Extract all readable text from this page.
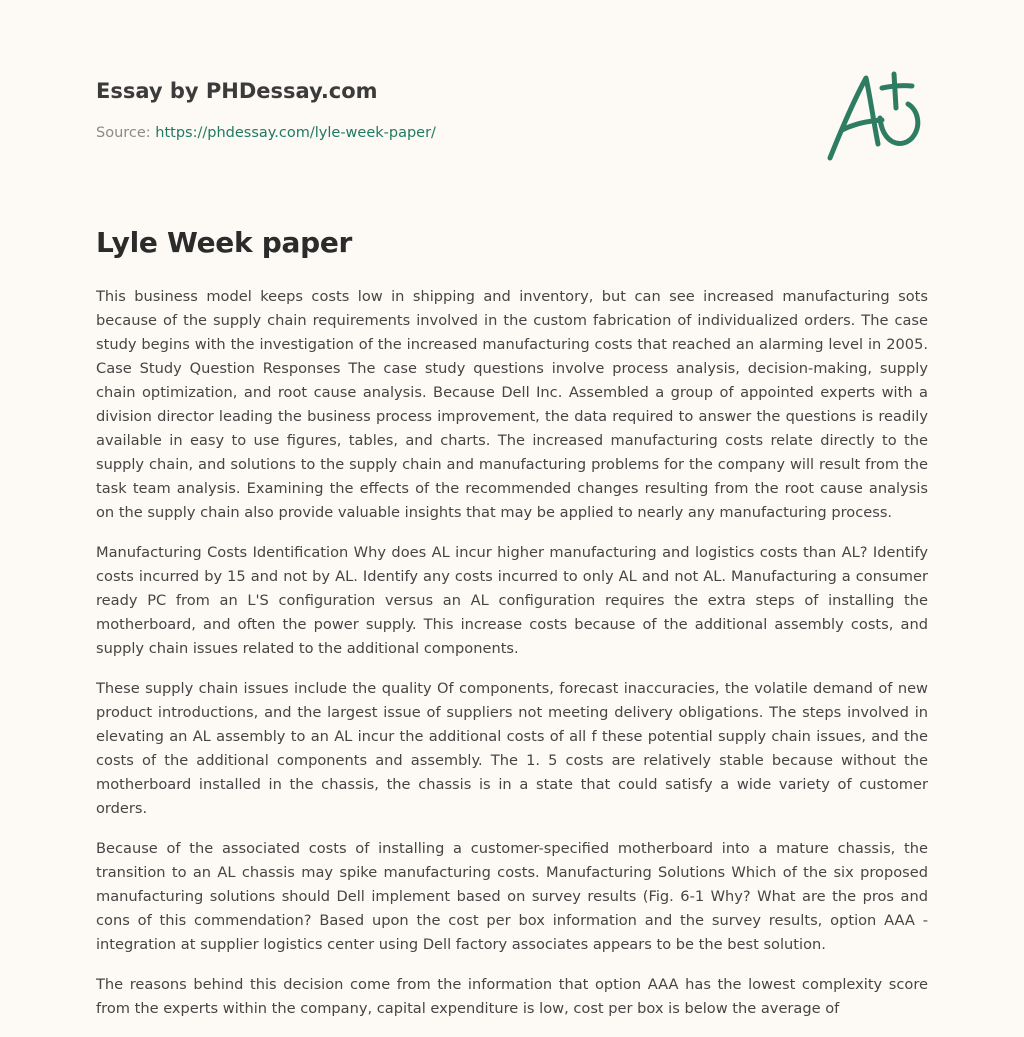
Essay by PHDessay.com
Source: https://phdessay.com/lyle-week-paper/
Lyle Week paper

This business model keeps costs low in shipping and inventory, but can see increased manufacturing sots because of the supply chain requirements involved in the custom fabrication of individualized orders. The case study begins with the investigation of the increased manufacturing costs that reached an alarming level in 2005. Case Study Question Responses The case study questions involve process analysis, decision-making, supply chain optimization, and root cause analysis. Because Dell Inc. Assembled a group of appointed experts with a division director leading the business process improvement, the data required to answer the questions is readily available in easy to use figures, tables, and charts. The increased manufacturing costs relate directly to the supply chain, and solutions to the supply chain and manufacturing problems for the company will result from the task team analysis. Examining the effects of the recommended changes resulting from the root cause analysis on the supply chain also provide valuable insights that may be applied to nearly any manufacturing process.

Manufacturing Costs Identification Why does AL incur higher manufacturing and logistics costs than AL? Identify costs incurred by 15 and not by AL. Identify any costs incurred to only AL and not AL. Manufacturing a consumer ready PC from an L'S configuration versus an AL configuration requires the extra steps of installing the motherboard, and often the power supply. This increase costs because of the additional assembly costs, and supply chain issues related to the additional components.

These supply chain issues include the quality Of components, forecast inaccuracies, the volatile demand of new product introductions, and the largest issue of suppliers not meeting delivery obligations. The steps involved in elevating an AL assembly to an AL incur the additional costs of all f these potential supply chain issues, and the costs of the additional components and assembly. The 1. 5 costs are relatively stable because without the motherboard installed in the chassis, the chassis is in a state that could satisfy a wide variety of customer orders.

Because of the associated costs of installing a customer-specified motherboard into a mature chassis, the transition to an AL chassis may spike manufacturing costs. Manufacturing Solutions Which of the six proposed manufacturing solutions should Dell implement based on survey results (Fig. 6-1 Why? What are the pros and cons of this commendation? Based upon the cost per box information and the survey results, option AAA - integration at supplier logistics center using Dell factory associates appears to be the best solution.

The reasons behind this decision come from the information that option AAA has the lowest complexity score from the experts within the company, capital expenditure is low, cost per box is below the average of
